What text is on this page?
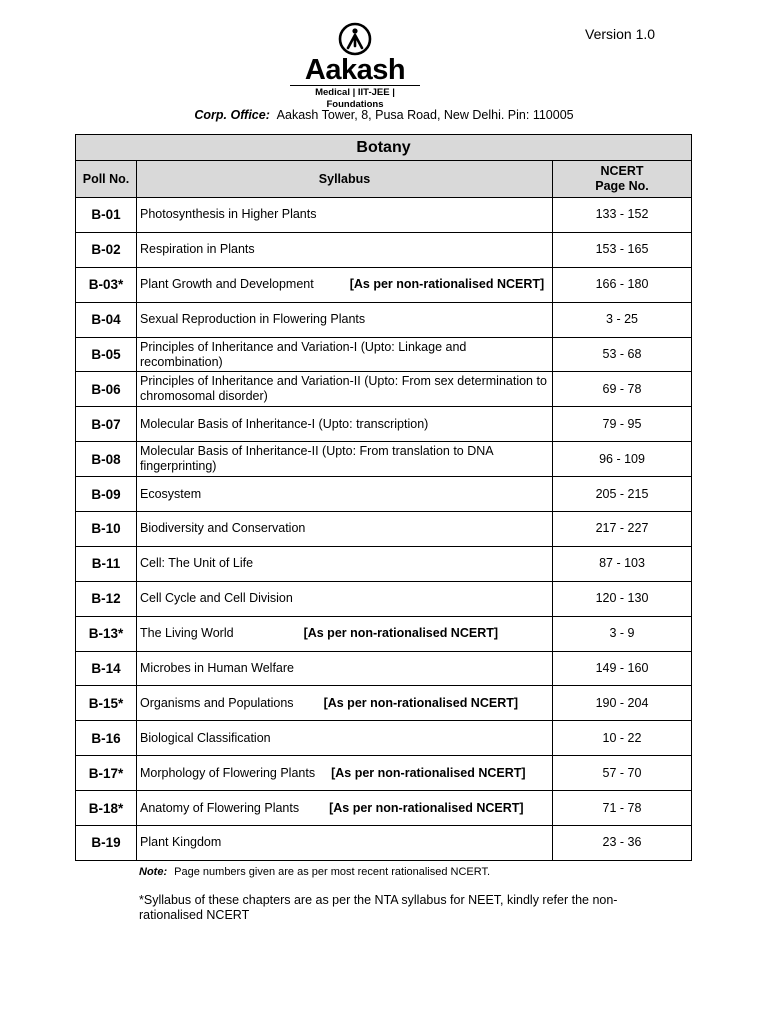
Version 1.0
Aakash
Medical | IIT-JEE | Foundations
Corp. Office: Aakash Tower, 8, Pusa Road, New Delhi. Pin: 110005
Botany		
Poll No.	Syllabus	NCERT
Page No.
B-01	Photosynthesis in Higher Plants	133 - 152
B-02	Respiration in Plants	153 - 165
B-03*	Plant Growth and Development [As per non-rationalised NCERT]	166 - 180
B-04	Sexual Reproduction in Flowering Plants	3 - 25
B-05	Principles of Inheritance and Variation-I (Upto: Linkage and recombination)	53 - 68
B-06	Principles of Inheritance and Variation-II (Upto: From sex determination to chromosomal disorder)	69 - 78
B-07	Molecular Basis of Inheritance-I (Upto: transcription)	79 - 95
B-08	Molecular Basis of Inheritance-II (Upto: From translation to DNA fingerprinting)	96 - 109
B-09	Ecosystem	205 - 215
B-10	Biodiversity and Conservation	217 - 227
B-11	Cell: The Unit of Life	87 - 103
B-12	Cell Cycle and Cell Division	120 - 130
B-13*	The Living World [As per non-rationalised NCERT]	3 - 9
B-14	Microbes in Human Welfare	149 - 160
B-15*	Organisms and Populations [As per non-rationalised NCERT]	190 - 204
B-16	Biological Classification	10 - 22
B-17*	Morphology of Flowering Plants [As per non-rationalised NCERT]	57 - 70
B-18*	Anatomy of Flowering Plants [As per non-rationalised NCERT]	71 - 78
B-19	Plant Kingdom	23 - 36
Note: Page numbers given are as per most recent rationalised NCERT.
*Syllabus of these chapters are as per the NTA syllabus for NEET, kindly refer the non-rationalised NCERT
